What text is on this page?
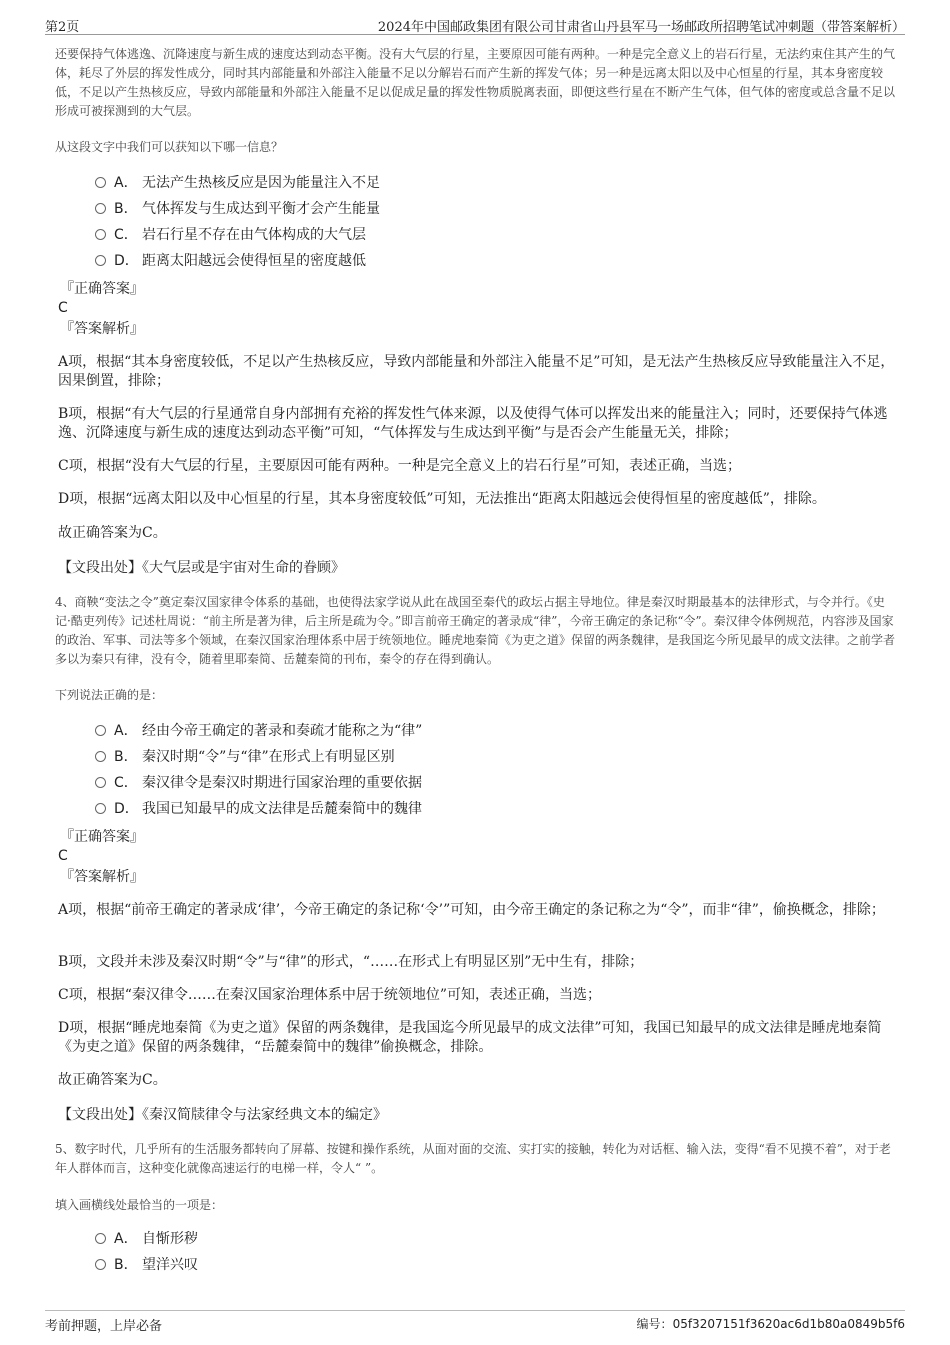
第2页	2024年中国邮政集团有限公司甘肃省山丹县军马一场邮政所招聘笔试冲刺题（带答案解析）

还要保持气体逃逸、沉降速度与新生成的速度达到动态平衡。没有大气层的行星，主要原因可能有两种。一种是完全意义上的岩石行星，无法约束住其产生的气体，耗尽了外层的挥发性成分，同时其内部能量和外部注入能量不足以分解岩石而产生新的挥发气体；另一种是远离太阳以及中心恒星的行星，其本身密度较低，不足以产生热核反应，导致内部能量和外部注入能量不足以促成足量的挥发性物质脱离表面，即便这些行星在不断产生气体，但气体的密度或总含量不足以形成可被探测到的大气层。

从这段文字中我们可以获知以下哪一信息？

A． 无法产生热核反应是因为能量注入不足
B． 气体挥发与生成达到平衡才会产生能量
C． 岩石行星不存在由气体构成的大气层
D． 距离太阳越远会使得恒星的密度越低
『正确答案』
C
『答案解析』

A项，根据“其本身密度较低，不足以产生热核反应，导致内部能量和外部注入能量不足”可知，是无法产生热核反应导致能量注入不足，因果倒置，排除；

B项，根据“有大气层的行星通常自身内部拥有充裕的挥发性气体来源，以及使得气体可以挥发出来的能量注入；同时，还要保持气体逃逸、沉降速度与新生成的速度达到动态平衡”可知，“气体挥发与生成达到平衡”与是否会产生能量无关，排除；

C项，根据“没有大气层的行星，主要原因可能有两种。一种是完全意义上的岩石行星”可知，表述正确，当选；

D项，根据“远离太阳以及中心恒星的行星，其本身密度较低”可知，无法推出“距离太阳越远会使得恒星的密度越低”，排除。

故正确答案为C。

【文段出处】《大气层或是宇宙对生命的眷顾》

4、商鞅“变法之令”奠定秦汉国家律令体系的基础，也使得法家学说从此在战国至秦代的政坛占据主导地位。律是秦汉时期最基本的法律形式，与令并行。《史记·酷吏列传》记述杜周说：“前主所是著为律，后主所是疏为令。”即言前帝王确定的著录成“律”，今帝王确定的条记称“令”。秦汉律令体例规范，内容涉及国家的政治、军事、司法等多个领域，在秦汉国家治理体系中居于统领地位。睡虎地秦简《为吏之道》保留的两条魏律，是我国迄今所见最早的成文法律。之前学者多以为秦只有律，没有令，随着里耶秦简、岳麓秦简的刊布，秦令的存在得到确认。

下列说法正确的是：

A． 经由今帝王确定的著录和奏疏才能称之为“律”
B． 秦汉时期“令”与“律”在形式上有明显区别
C． 秦汉律令是秦汉时期进行国家治理的重要依据
D． 我国已知最早的成文法律是岳麓秦简中的魏律
『正确答案』
C
『答案解析』

A项，根据“前帝王确定的著录成‘律’，今帝王确定的条记称‘令’”可知，由今帝王确定的条记称之为“令”，而非“律”，偷换概念，排除；

B项，文段并未涉及秦汉时期“令”与“律”的形式，“……在形式上有明显区别”无中生有，排除；

C项，根据“秦汉律令……在秦汉国家治理体系中居于统领地位”可知，表述正确，当选；

D项，根据“睡虎地秦简《为吏之道》保留的两条魏律，是我国迄今所见最早的成文法律”可知，我国已知最早的成文法律是睡虎地秦简《为吏之道》保留的两条魏律，“岳麓秦简中的魏律”偷换概念，排除。

故正确答案为C。

【文段出处】《秦汉简牍律令与法家经典文本的编定》

5、数字时代，几乎所有的生活服务都转向了屏幕、按键和操作系统，从面对面的交流、实打实的接触，转化为对话框、输入法，变得“看不见摸不着”，对于老年人群体而言，这种变化就像高速运行的电梯一样，令人“ ”。

填入画横线处最恰当的一项是：

A． 自惭形秽
B． 望洋兴叹
考前押题，上岸必备	编号：05f3207151f3620ac6d1b80a0849b5f6
